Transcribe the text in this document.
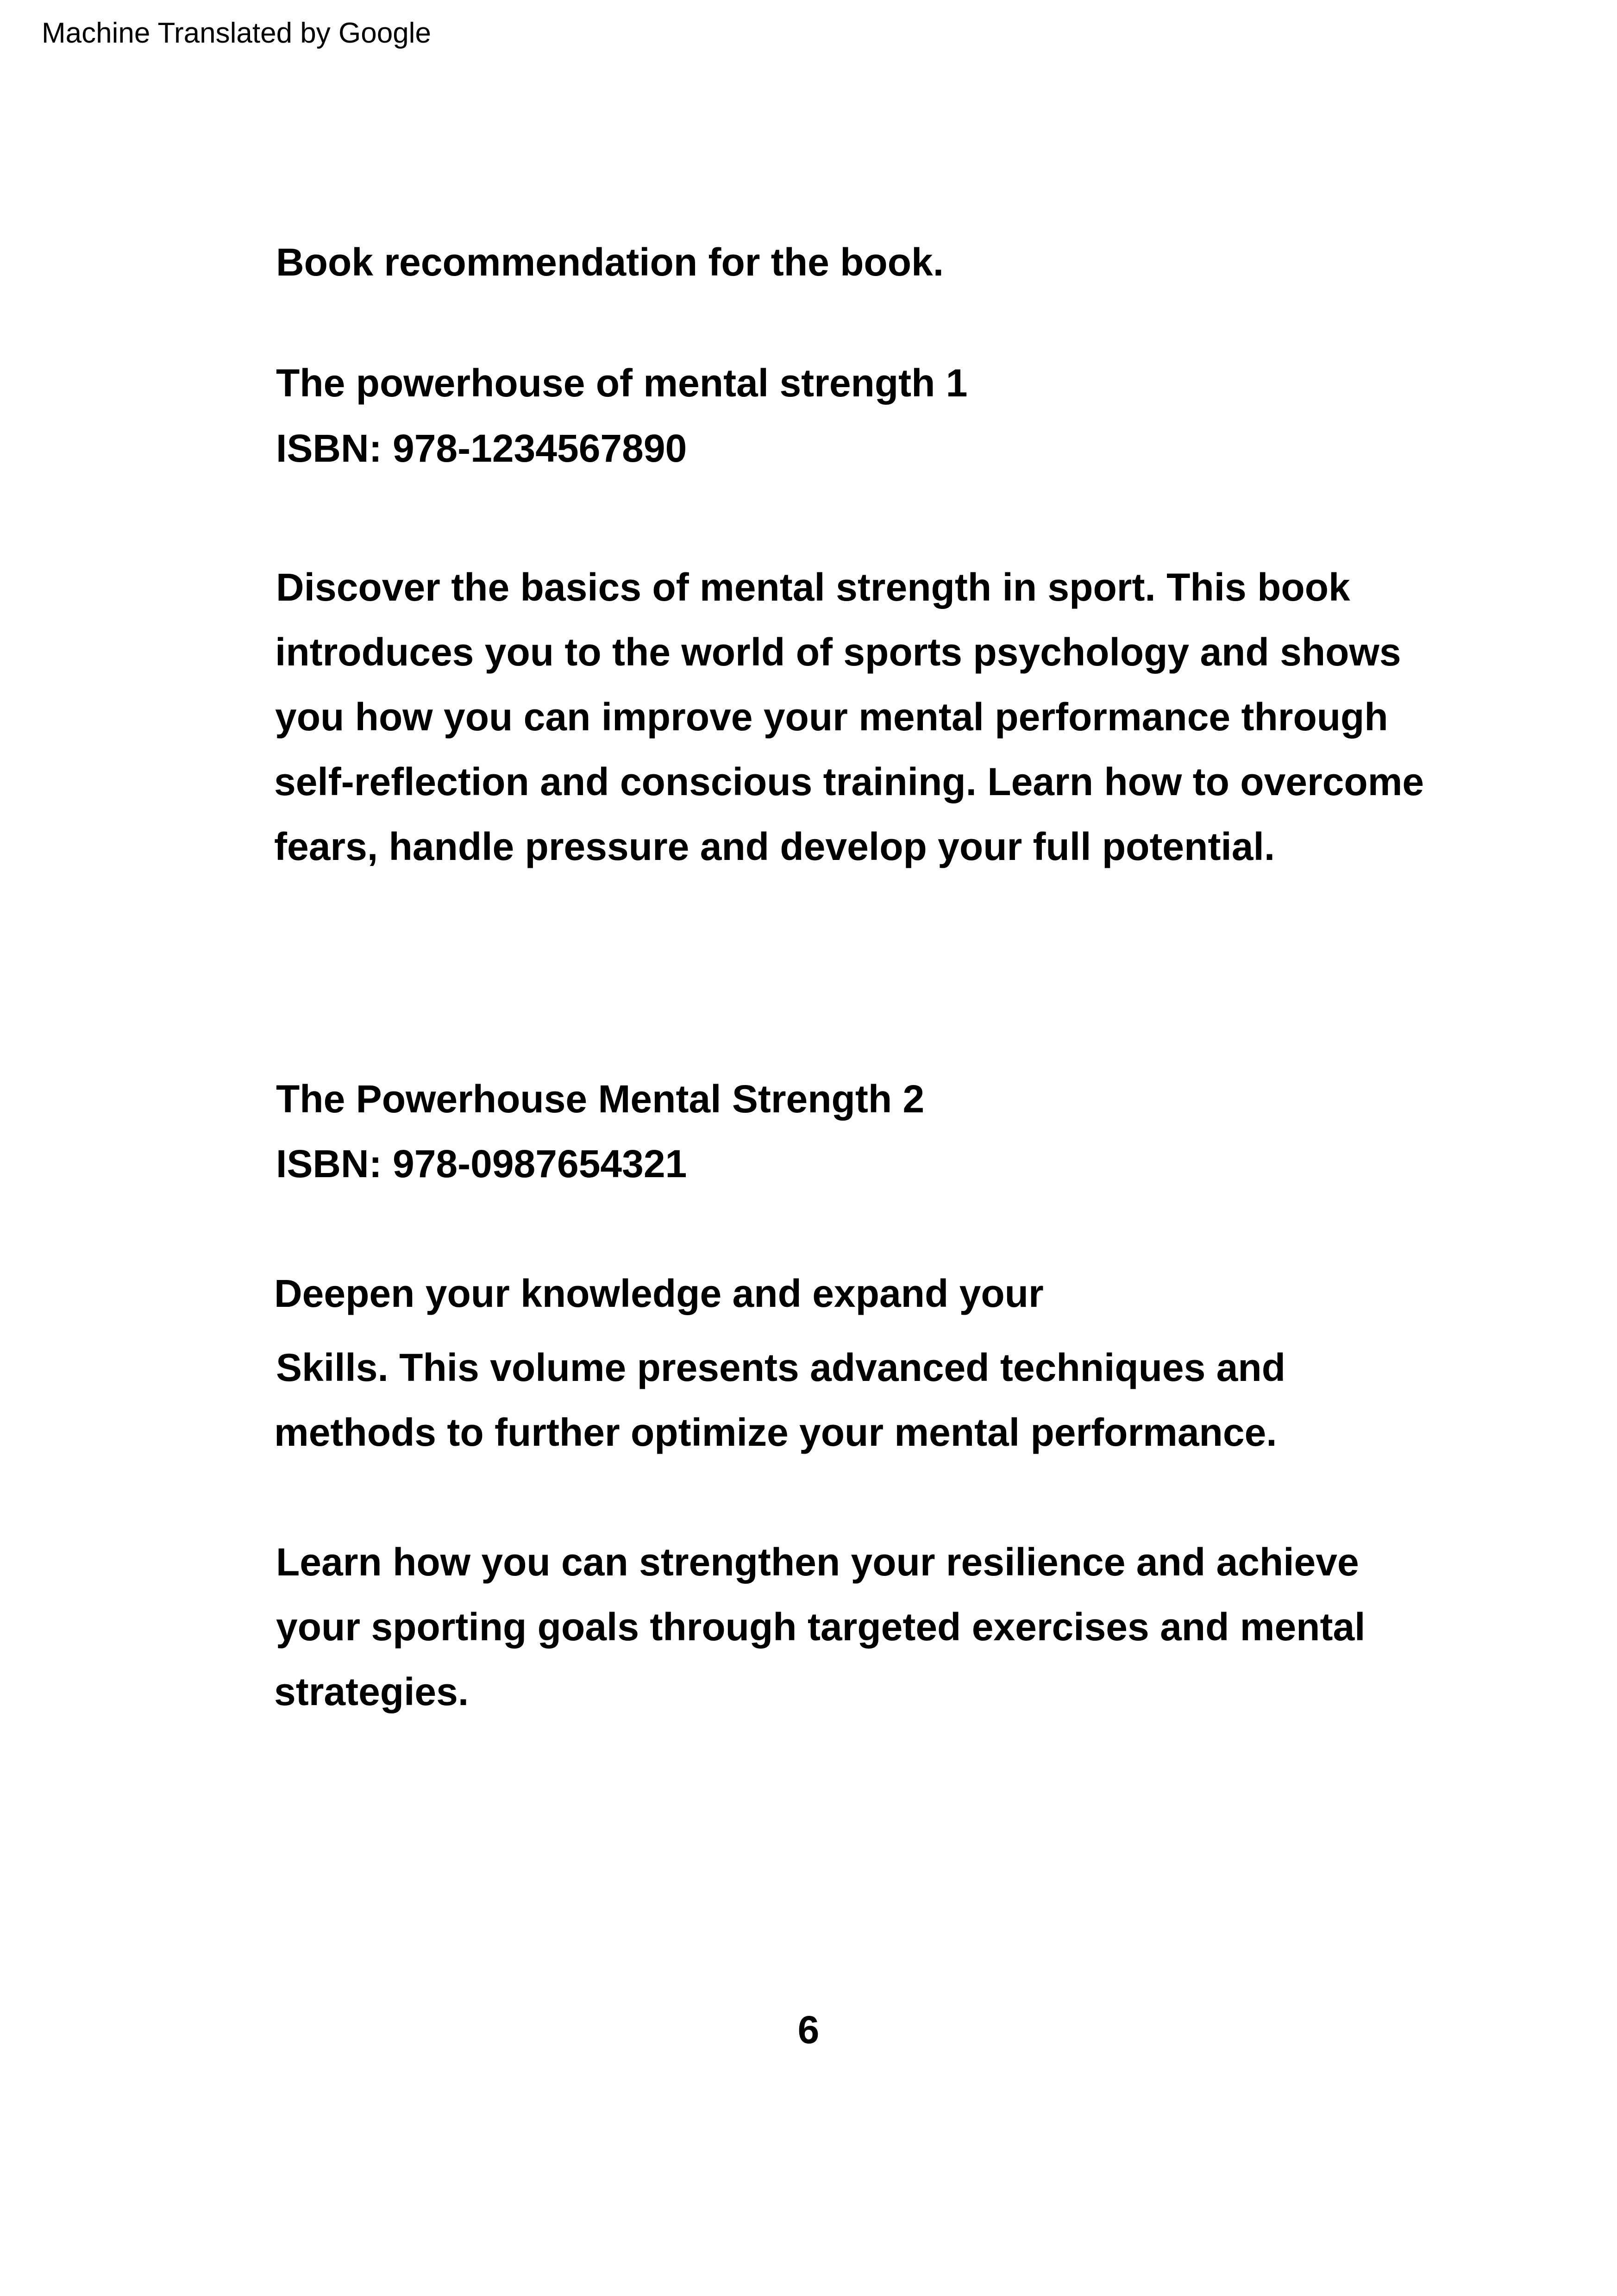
Machine Translated by Google
Book recommendation for the book.
The powerhouse of mental strength 1
ISBN: 978-1234567890
Discover the basics of mental strength in sport. This book
introduces you to the world of sports psychology and shows
you how you can improve your mental performance through
self-reflection and conscious training. Learn how to overcome
fears, handle pressure and develop your full potential.
The Powerhouse Mental Strength 2
ISBN: 978-0987654321
Deepen your knowledge and expand your
Skills. This volume presents advanced techniques and
methods to further optimize your mental performance.
Learn how you can strengthen your resilience and achieve
your sporting goals through targeted exercises and mental
strategies.
6
